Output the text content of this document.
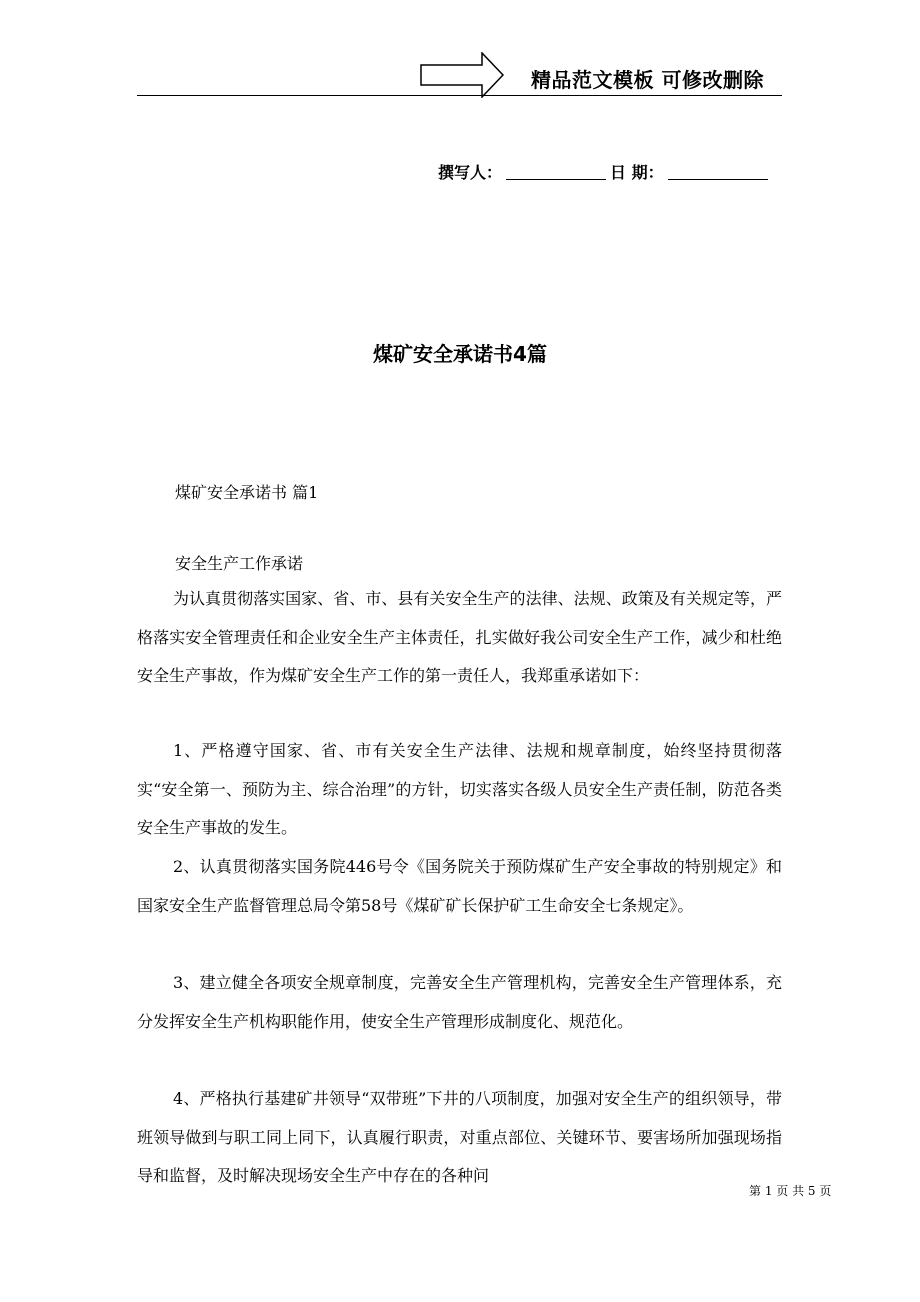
精品范文模板 可修改删除
撰写人：	日 期：
煤矿安全承诺书4篇
煤矿安全承诺书 篇1
安全生产工作承诺

为认真贯彻落实国家、省、市、县有关安全生产的法律、法规、政策及有关规定等，严格落实安全管理责任和企业安全生产主体责任，扎实做好我公司安全生产工作，减少和杜绝安全生产事故，作为煤矿安全生产工作的第一责任人，我郑重承诺如下：

1、严格遵守国家、省、市有关安全生产法律、法规和规章制度，始终坚持贯彻落实“安全第一、预防为主、综合治理”的方针，切实落实各级人员安全生产责任制，防范各类安全生产事故的发生。

2、认真贯彻落实国务院446号令《国务院关于预防煤矿生产安全事故的特别规定》和国家安全生产监督管理总局令第58号《煤矿矿长保护矿工生命安全七条规定》。

3、建立健全各项安全规章制度，完善安全生产管理机构，完善安全生产管理体系，充分发挥安全生产机构职能作用，使安全生产管理形成制度化、规范化。

4、严格执行基建矿井领导“双带班”下井的八项制度，加强对安全生产的组织领导，带班领导做到与职工同上同下，认真履行职责，对重点部位、关键环节、要害场所加强现场指导和监督，及时解决现场安全生产中存在的各种问

第 1 页 共 5 页
